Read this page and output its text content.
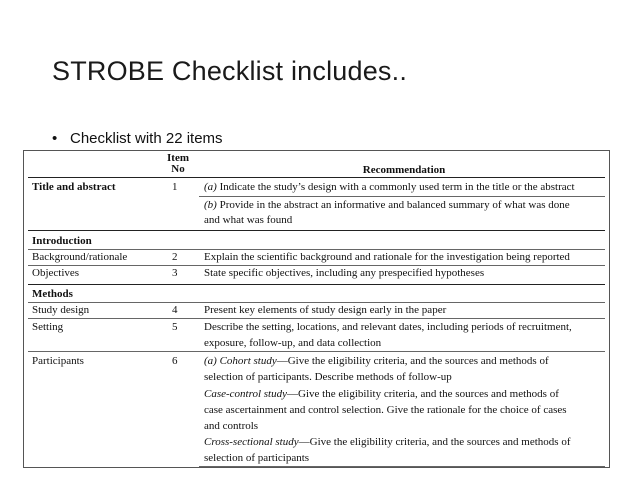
STROBE Checklist includes..
• Checklist with 22 items
Item
No	Recommendation
Title and abstract	1 (a) Indicate the study’s design with a commonly used term in the title or the abstract
(b) Provide in the abstract an informative and balanced summary of what was done
and what was found
Introduction
Background/rationale	2 Explain the scientific background and rationale for the investigation being reported
Objectives	3 State specific objectives, including any prespecified hypotheses
Methods
Study design	4 Present key elements of study design early in the paper
Setting	5 Describe the setting, locations, and relevant dates, including periods of recruitment,
exposure, follow-up, and data collection
Participants	6 (a) Cohort study—Give the eligibility criteria, and the sources and methods of
selection of participants. Describe methods of follow-up
Case-control study—Give the eligibility criteria, and the sources and methods of
case ascertainment and control selection. Give the rationale for the choice of cases
and controls
Cross-sectional study—Give the eligibility criteria, and the sources and methods of
selection of participants
